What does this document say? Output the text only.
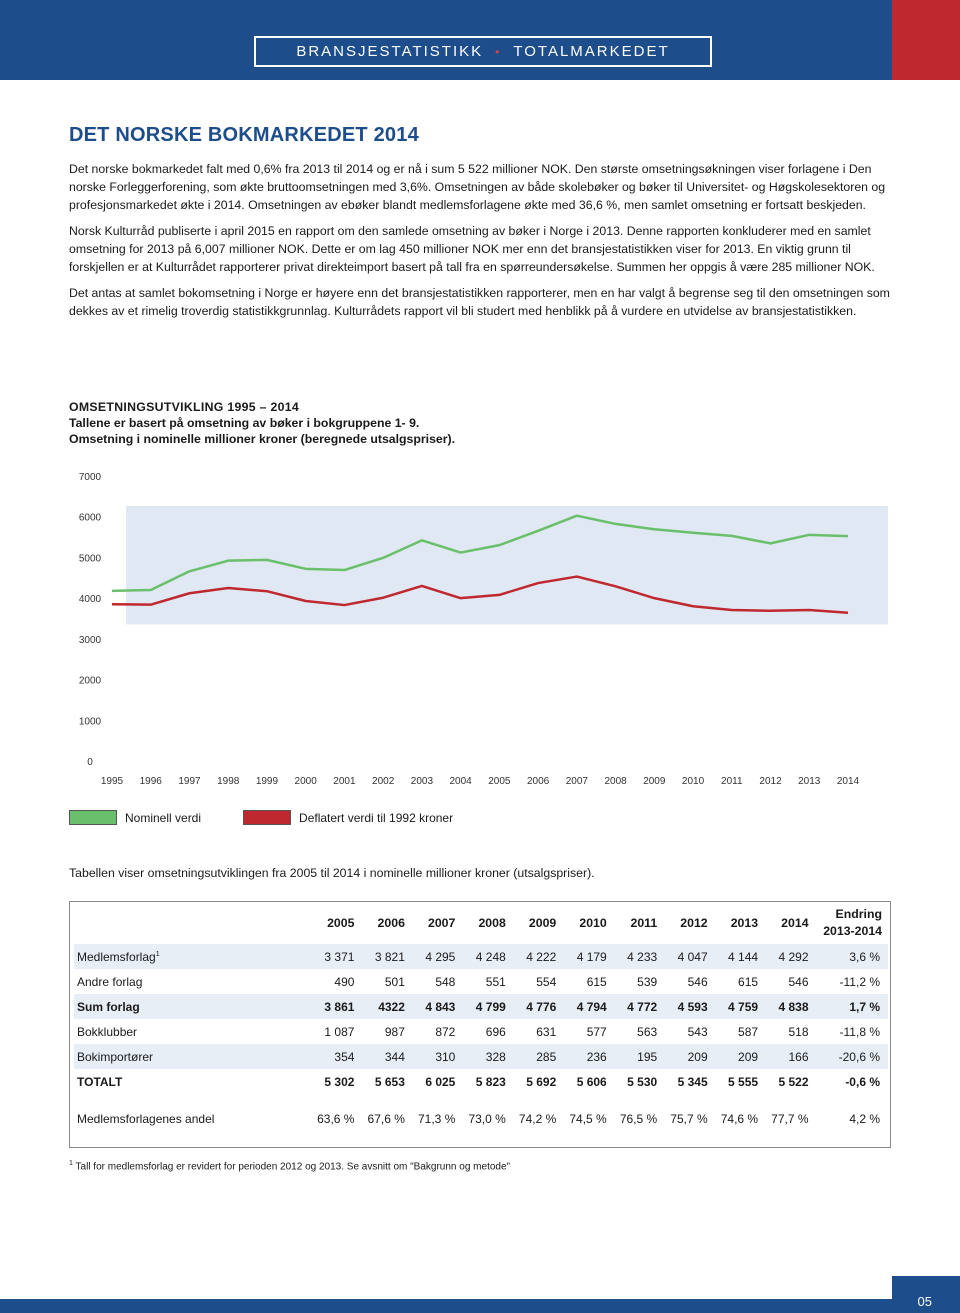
BRANSJESTATISTIKK • TOTALMARKEDET
DET NORSKE BOKMARKEDET 2014

Det norske bokmarkedet falt med 0,6% fra 2013 til 2014 og er nå i sum 5 522 millioner NOK. Den største omsetningsøkningen viser forlagene i Den norske Forleggerforening, som økte bruttoomsetningen med 3,6%. Omsetningen av både skolebøker og bøker til Universitet- og Høgskolesektoren og profesjonsmarkedet økte i 2014. Omsetningen av ebøker blandt medlemsforlagene økte med 36,6 %, men samlet omsetning er fortsatt beskjeden.

Norsk Kulturråd publiserte i april 2015 en rapport om den samlede omsetning av bøker i Norge i 2013. Denne rapporten konkluderer med en samlet omsetning for 2013 på 6,007 millioner NOK. Dette er om lag 450 millioner NOK mer enn det bransjestatistikken viser for 2013. En viktig grunn til forskjellen er at Kulturrådet rapporterer privat direkteimport basert på tall fra en spørreundersøkelse. Summen her oppgis å være 285 millioner NOK.

Det antas at samlet bokomsetning i Norge er høyere enn det bransjestatistikken rapporterer, men en har valgt å begrense seg til den omsetningen som dekkes av et rimelig troverdig statistikkgrunnlag. Kulturrådets rapport vil bli studert med henblikk på å vurdere en utvidelse av bransjestatistikken.

OMSETNINGSUTVIKLING 1995 – 2014
Tallene er basert på omsetning av bøker i bokgruppene 1- 9.
Omsetning i nominelle millioner kroner (beregnede utsalgspriser).
0
1000
2000
3000
4000
5000
6000
7000
1995 1996 1997 1998 1999 2000 2001 2002 2003 2004 2005 2006 2007 2008 2009 2010 2011 2012 2013 2014
Nominell verdi	Deflatert verdi til 1992 kroner
Tabellen viser omsetningsutviklingen fra 2005 til 2014 i nominelle millioner kroner (utsalgspriser).
	2005	2006	2007	2008	2009	2010	2011	2012	2013	2014	Endring
2013-2014

Medlemsforlag$^1$	3 371	3 821	4 295	4 248	4 222	4 179	4 233	4 047	4 144	4 292	3,6 %
Andre forlag	490	501	548	551	554	615	539	546	615	546	-11,2 %
Sum forlag	3 861	4322	4 843	4 799	4 776	4 794	4 772	4 593	4 759	4 838	1,7 %
Bokklubber	1 087	987	872	696	631	577	563	543	587	518	-11,8 %
Bokimportører	354	344	310	328	285	236	195	209	209	166	-20,6 %
TOTALT	5 302	5 653	6 025	5 823	5 692	5 606	5 530	5 345	5 555	5 522	-0,6 %

Medlemsforlagenes andel	63,6 %	67,6 %	71,3 %	73,0 %	74,2 %	74,5 %	76,5 %	75,7 %	74,6 %	77,7 %	4,2 %
$^1$ Tall for medlemsforlag er revidert for perioden 2012 og 2013. Se avsnitt om "Bakgrunn og metode"
05
